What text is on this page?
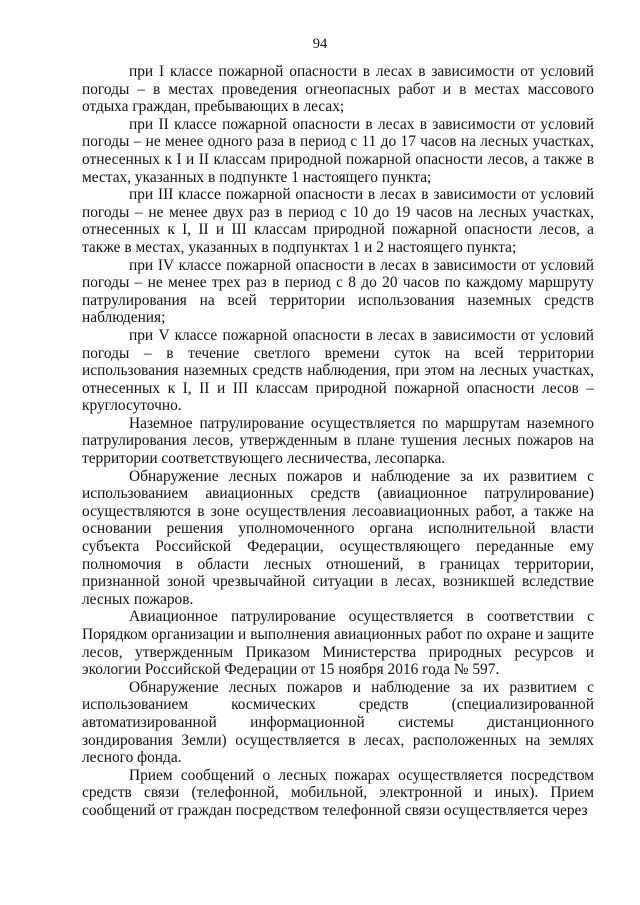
94

при I классе пожарной опасности в лесах в зависимости от условий погоды – в местах проведения огнеопасных работ и в местах массового отдыха граждан, пребывающих в лесах;

при II классе пожарной опасности в лесах в зависимости от условий погоды – не менее одного раза в период с 11 до 17 часов на лесных участках, отнесенных к I и II классам природной пожарной опасности лесов, а также в местах, указанных в подпункте 1 настоящего пункта;

при III классе пожарной опасности в лесах в зависимости от условий погоды – не менее двух раз в период с 10 до 19 часов на лесных участках, отнесенных к I, II и III классам природной пожарной опасности лесов, а также в местах, указанных в подпунктах 1 и 2 настоящего пункта;

при IV классе пожарной опасности в лесах в зависимости от условий погоды – не менее трех раз в период с 8 до 20 часов по каждому маршруту патрулирования на всей территории использования наземных средств наблюдения;

при V классе пожарной опасности в лесах в зависимости от условий погоды – в течение светлого времени суток на всей территории использования наземных средств наблюдения, при этом на лесных участках, отнесенных к I, II и III классам природной пожарной опасности лесов – круглосуточно.

Наземное патрулирование осуществляется по маршрутам наземного патрулирования лесов, утвержденным в плане тушения лесных пожаров на территории соответствующего лесничества, лесопарка.

Обнаружение лесных пожаров и наблюдение за их развитием с использованием авиационных средств (авиационное патрулирование) осуществляются в зоне осуществления лесоавиационных работ, а также на основании решения уполномоченного органа исполнительной власти субъекта Российской Федерации, осуществляющего переданные ему полномочия в области лесных отношений, в границах территории, признанной зоной чрезвычайной ситуации в лесах, возникшей вследствие лесных пожаров.

Авиационное патрулирование осуществляется в соответствии с Порядком организации и выполнения авиационных работ по охране и защите лесов, утвержденным Приказом Министерства природных ресурсов и экологии Российской Федерации от 15 ноября 2016 года № 597.

Обнаружение лесных пожаров и наблюдение за их развитием с использованием космических средств (специализированной автоматизированной информационной системы дистанционного зондирования Земли) осуществляется в лесах, расположенных на землях лесного фонда.

Прием сообщений о лесных пожарах осуществляется посредством средств связи (телефонной, мобильной, электронной и иных). Прием сообщений от граждан посредством телефонной связи осуществляется через
